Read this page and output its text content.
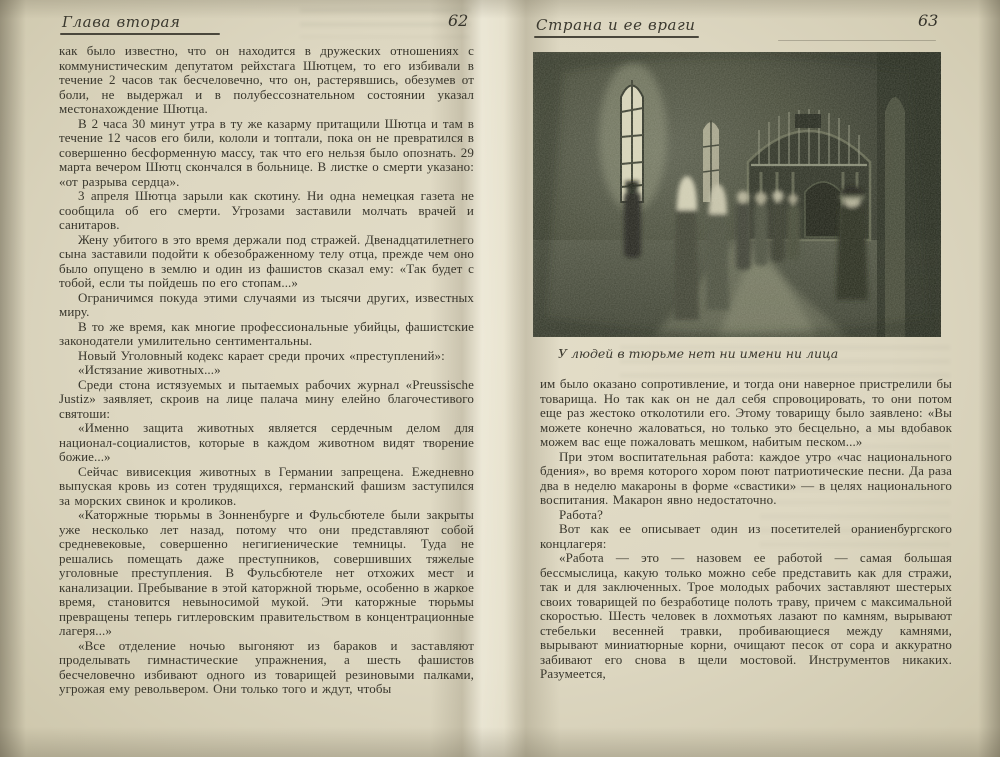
Глава вторая	62

как было известно, что он находится в дружеских отношениях с коммунистическим депутатом рейхстага Шютцем, то его избивали в течение 2 часов так бесчеловечно, что он, растерявшись, обезумев от боли, не выдержал и в полубессознательном состоянии указал местонахождение Шютца.

В 2 часа 30 минут утра в ту же казарму притащили Шютца и там в течение 12 часов его били, кололи и топтали, пока он не превратился в совершенно бесформенную массу, так что его нельзя было опознать. 29 марта вечером Шютц скончался в больнице. В листке о смерти указано: «от разрыва сердца».

3 апреля Шютца зарыли как скотину. Ни одна немецкая газета не сообщила об его смерти. Угрозами заставили молчать врачей и санитаров.

Жену убитого в это время держали под стражей. Двенадцатилетнего сына заставили подойти к обезображенному телу отца, прежде чем оно было опущено в землю и один из фашистов сказал ему: «Так будет с тобой, если ты пойдешь по его стопам...»

Ограничимся покуда этими случаями из тысячи других, известных миру.

В то же время, как многие профессиональные убийцы, фашистские законодатели умилительно сентиментальны.

Новый Уголовный кодекс карает среди прочих «преступлений»:

«Истязание животных...»

Среди стона истязуемых и пытаемых рабочих журнал «Preussische Justiz» заявляет, скроив на лице палача мину елейно благочестивого святоши:

«Именно защита животных является сердечным делом для национал-социалистов, которые в каждом животном видят творение божие...»

Сейчас вивисекция животных в Германии запрещена. Ежедневно выпуская кровь из сотен трудящихся, германский фашизм заступился за морских свинок и кроликов.

«Каторжные тюрьмы в Зонненбурге и Фульсбютеле были закрыты уже несколько лет назад, потому что они представляют собой средневековые, совершенно негигиенические темницы. Туда не решались помещать даже преступников, совершивших тяжелые уголовные преступления. В Фульсбютеле нет отхожих мест и канализации. Пребывание в этой каторжной тюрьме, особенно в жаркое время, становится невыносимой мукой. Эти каторжные тюрьмы превращены теперь гитлеровским правительством в концентрационные лагеря...»

«Все отделение ночью выгоняют из бараков и заставляют проделывать гимнастические упражнения, а шесть фашистов бесчеловечно избивают одного из товарищей резиновыми палками, угрожая ему револьвером. Они только того и ждут, чтобы

Страна и ее враги	63
У людей в тюрьме нет ни имени ни лица

им было оказано сопротивление, и тогда они наверное пристрелили бы товарища. Но так как он не дал себя спровоцировать, то они потом еще раз жестоко отколотили его. Этому товарищу было заявлено: «Вы можете конечно жаловаться, но только это бесцельно, а мы вдобавок можем вас еще пожаловать мешком, набитым песком...»

При этом воспитательная работа: каждое утро «час национального бдения», во время которого хором поют патриотические песни. Да раза два в неделю макароны в форме «свастики» — в целях национального воспитания. Макарон явно недостаточно.

Работа?

Вот как ее описывает один из посетителей ораниенбургского концлагеря:

«Работа — это — назовем ее работой — самая большая бессмыслица, какую только можно себе представить как для стражи, так и для заключенных. Трое молодых рабочих заставляют шестерых своих товарищей по безработице полоть траву, причем с максимальной скоростью. Шесть человек в лохмотьях лазают по камням, вырывают стебельки весенней травки, пробивающиеся между камнями, вырывают миниатюрные корни, очищают песок от сора и аккуратно забивают его снова в щели мостовой. Инструментов никаких. Разумеется,
